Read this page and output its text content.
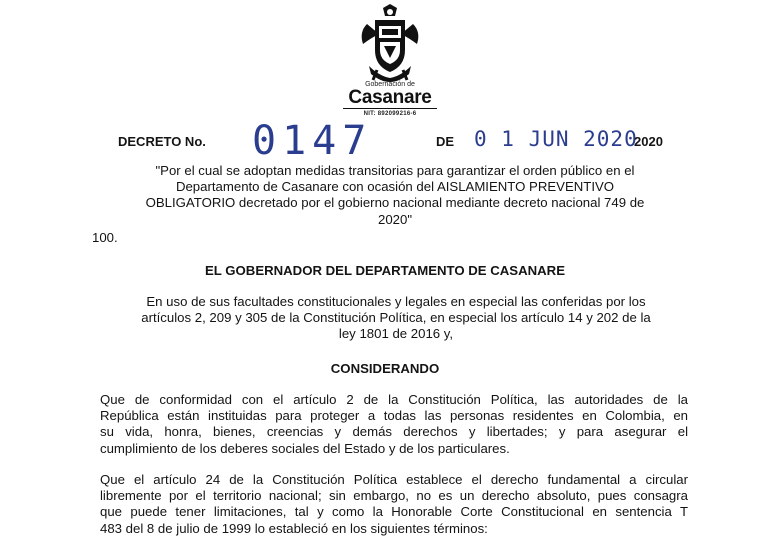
Gobernación de
Casanare
NIT: 892099216-6
DECRETO No. 0147	DE 0 1 JUN 2020
2020
"Por el cual se adoptan medidas transitorias para garantizar el orden público en el
Departamento de Casanare con ocasión del AISLAMIENTO PREVENTIVO
OBLIGATORIO decretado por el gobierno nacional mediante decreto nacional 749 de
2020"
100.
EL GOBERNADOR DEL DEPARTAMENTO DE CASANARE
En uso de sus facultades constitucionales y legales en especial las conferidas por los
artículos 2, 209 y 305 de la Constitución Política, en especial los artículo 14 y 202 de la
ley 1801 de 2016 y,
CONSIDERANDO
Que de conformidad con el artículo 2 de la Constitución Política, las autoridades de la
República están instituidas para proteger a todas las personas residentes en Colombia, en
su vida, honra, bienes, creencias y demás derechos y libertades; y para asegurar el
cumplimiento de los deberes sociales del Estado y de los particulares.
Que el artículo 24 de la Constitución Política establece el derecho fundamental a circular
libremente por el territorio nacional; sin embargo, no es un derecho absoluto, pues consagra
que puede tener limitaciones, tal y como la Honorable Corte Constitucional en sentencia T
483 del 8 de julio de 1999 lo estableció en los siguientes términos:
